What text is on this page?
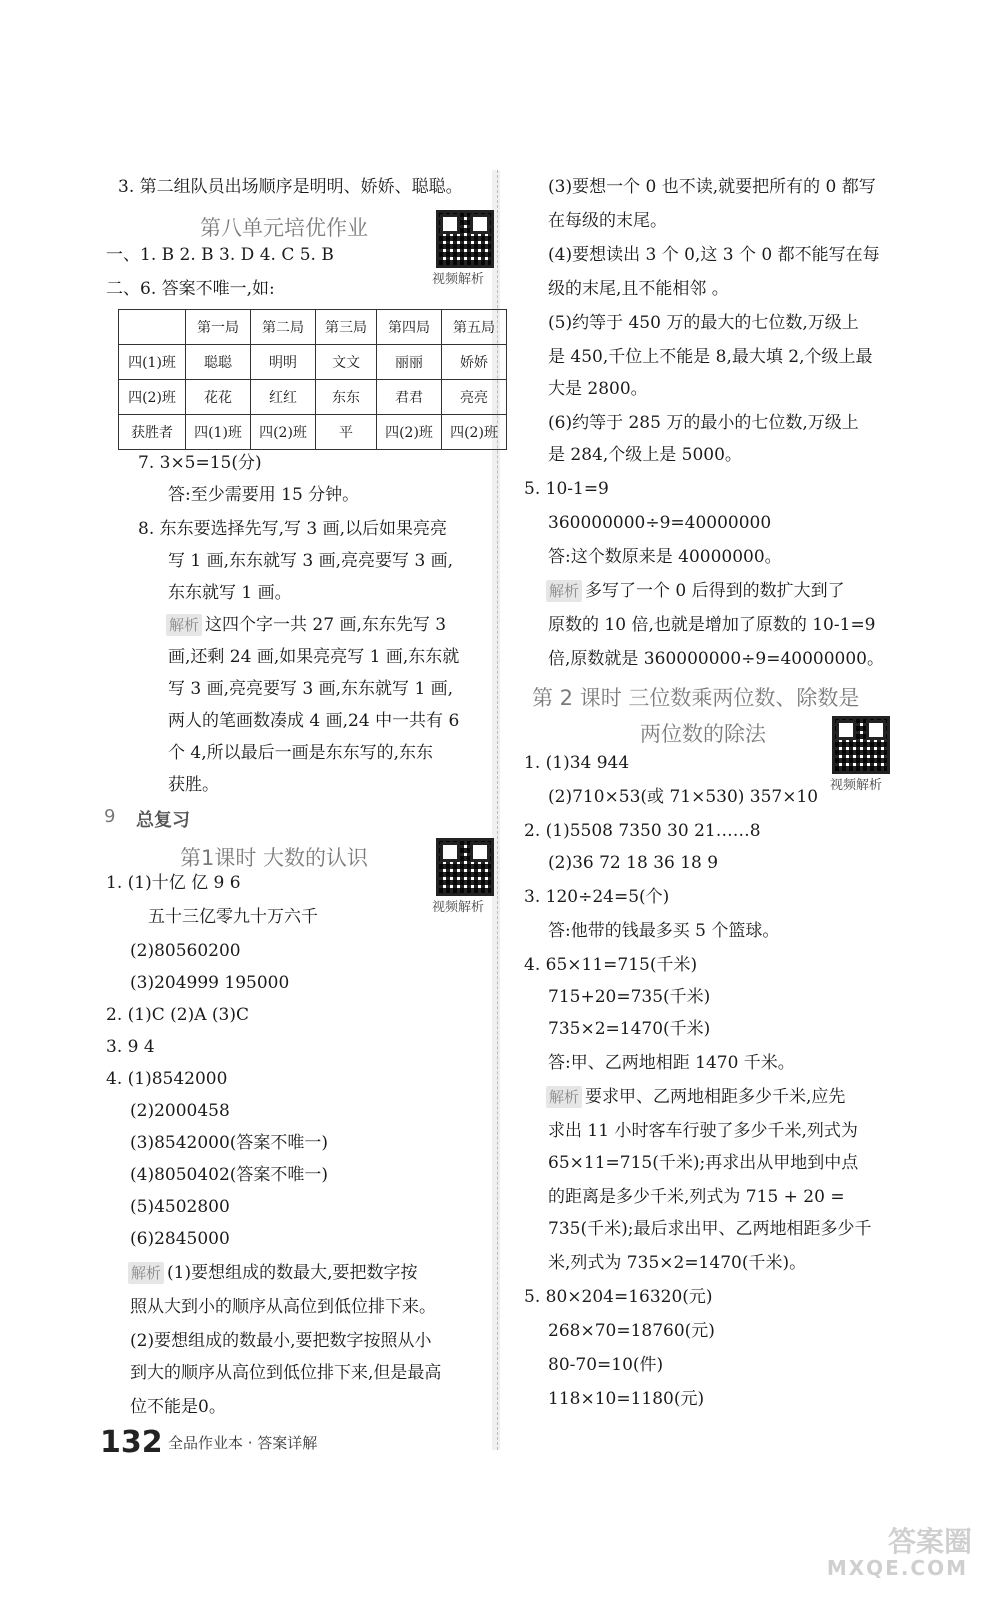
3. 第二组队员出场顺序是明明、娇娇、聪聪。
第八单元培优作业
视频解析
一、1. B 2. B 3. D 4. C 5. B
二、6. 答案不唯一,如:
	第一局	第二局	第三局	第四局	第五局
四(1)班	聪聪	明明	文文	丽丽	娇娇
四(2)班	花花	红红	东东	君君	亮亮
获胜者	四(1)班	四(2)班	平	四(2)班	四(2)班
7. 3×5=15(分)
答:至少需要用 15 分钟。
8. 东东要选择先写,写 3 画,以后如果亮亮
写 1 画,东东就写 3 画,亮亮要写 3 画,
东东就写 1 画。
解析 这四个字一共 27 画,东东先写 3
画,还剩 24 画,如果亮亮写 1 画,东东就
写 3 画,亮亮要写 3 画,东东就写 1 画,
两人的笔画数凑成 4 画,24 中一共有 6
个 4,所以最后一画是东东写的,东东
获胜。
9 总复习
第1课时 大数的认识
视频解析
1. (1)十亿 亿 9 6
五十三亿零九十万六千
(2)80560200
(3)204999 195000
2. (1)C (2)A (3)C
3. 9 4
4. (1)8542000
(2)2000458
(3)8542000(答案不唯一)
(4)8050402(答案不唯一)
(5)4502800
(6)2845000
解析 (1)要想组成的数最大,要把数字按
照从大到小的顺序从高位到低位排下来。
(2)要想组成的数最小,要把数字按照从小
到大的顺序从高位到低位排下来,但是最高
位不能是0。
(3)要想一个 0 也不读,就要把所有的 0 都写
在每级的末尾。
(4)要想读出 3 个 0,这 3 个 0 都不能写在每
级的末尾,且不能相邻 。
(5)约等于 450 万的最大的七位数,万级上
是 450,千位上不能是 8,最大填 2,个级上最
大是 2800。
(6)约等于 285 万的最小的七位数,万级上
是 284,个级上是 5000。
5. 10-1=9
360000000÷9=40000000
答:这个数原来是 40000000。
解析 多写了一个 0 后得到的数扩大到了
原数的 10 倍,也就是增加了原数的 10-1=9
倍,原数就是 360000000÷9=40000000。
第 2 课时 三位数乘两位数、除数是
两位数的除法
视频解析
1. (1)34 944
(2)710×53(或 71×530) 357×10
2. (1)5508 7350 30 21……8
(2)36 72 18 36 18 9
3. 120÷24=5(个)
答:他带的钱最多买 5 个篮球。
4. 65×11=715(千米)
715+20=735(千米)
735×2=1470(千米)
答:甲、乙两地相距 1470 千米。
解析 要求甲、乙两地相距多少千米,应先
求出 11 小时客车行驶了多少千米,列式为
65×11=715(千米);再求出从甲地到中点
的距离是多少千米,列式为 715 + 20 =
735(千米);最后求出甲、乙两地相距多少千
米,列式为 735×2=1470(千米)。
5. 80×204=16320(元)
268×70=18760(元)
80-70=10(件)
118×10=1180(元)
132 全品作业本 · 答案详解
答案圈
MXQE.COM
